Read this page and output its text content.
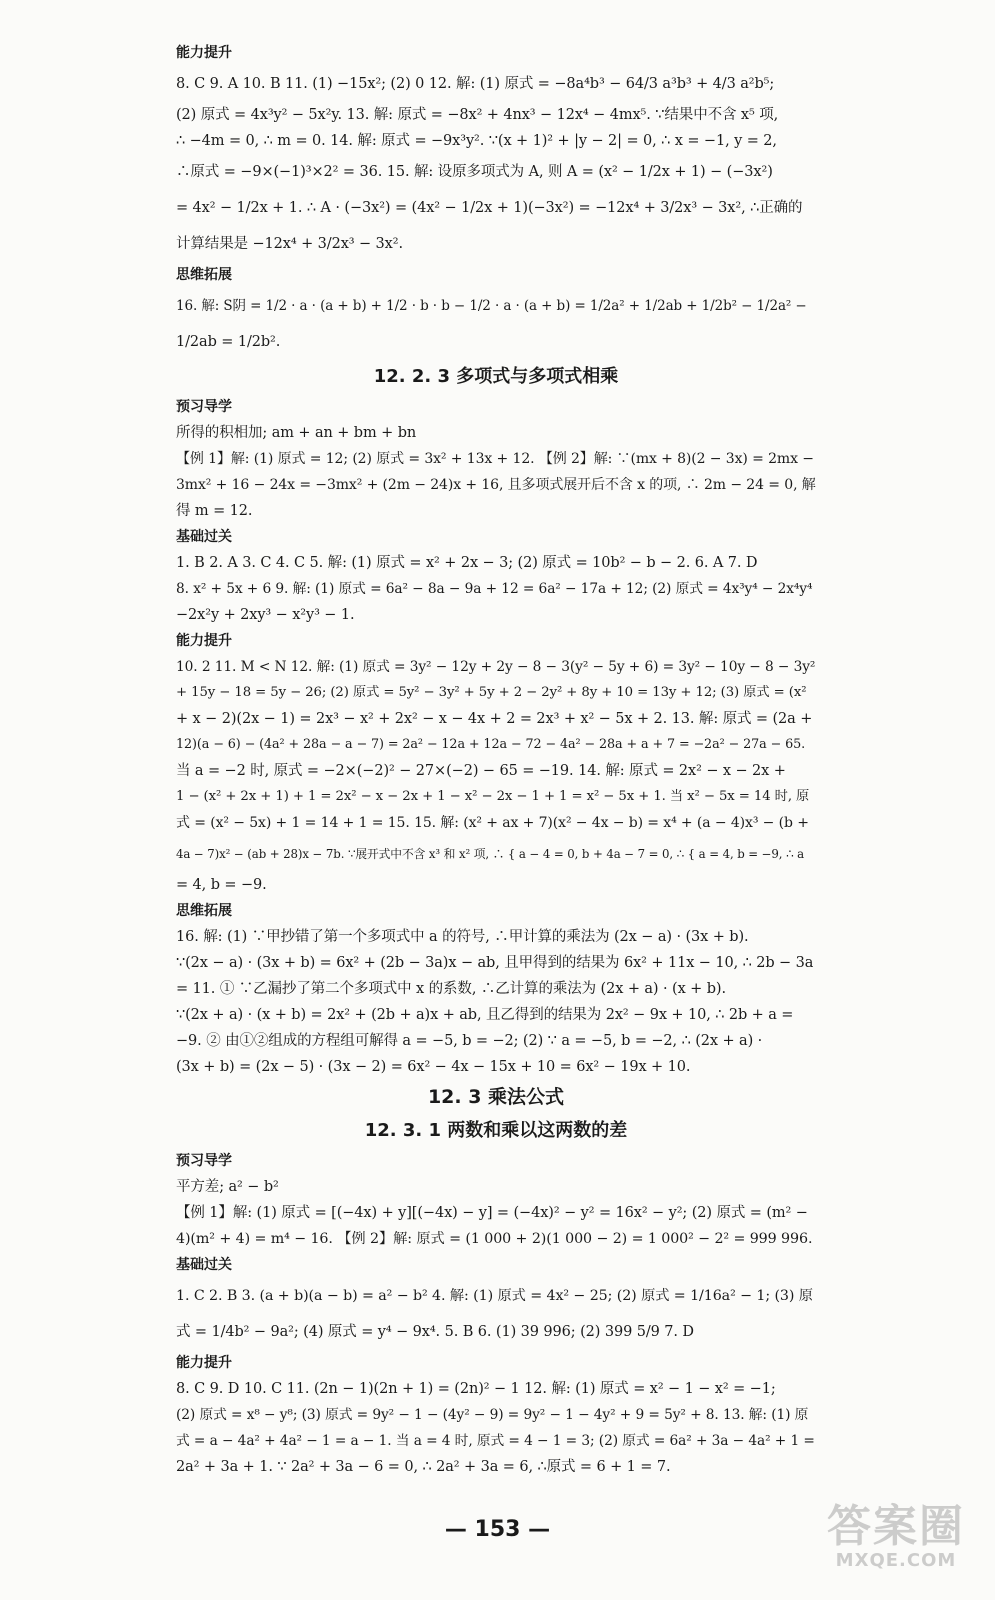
能力提升
8. C 9. A 10. B 11. (1) −15x²; (2) 0 12. 解: (1) 原式 = −8a⁴b³ − 64/3 a³b³ + 4/3 a²b⁵;
(2) 原式 = 4x³y² − 5x²y. 13. 解: 原式 = −8x² + 4nx³ − 12x⁴ − 4mx⁵. ∵结果中不含 x⁵ 项,
∴ −4m = 0, ∴ m = 0. 14. 解: 原式 = −9x³y². ∵(x + 1)² + |y − 2| = 0, ∴ x = −1, y = 2,
∴原式 = −9×(−1)³×2² = 36. 15. 解: 设原多项式为 A, 则 A = (x² − 1/2x + 1) − (−3x²)
= 4x² − 1/2x + 1. ∴ A · (−3x²) = (4x² − 1/2x + 1)(−3x²) = −12x⁴ + 3/2x³ − 3x², ∴正确的
计算结果是 −12x⁴ + 3/2x³ − 3x².
思维拓展
16. 解: S阴 = 1/2 · a · (a + b) + 1/2 · b · b − 1/2 · a · (a + b) = 1/2a² + 1/2ab + 1/2b² − 1/2a² −
1/2ab = 1/2b².
12. 2. 3 多项式与多项式相乘
预习导学
所得的积相加; am + an + bm + bn
【例 1】解: (1) 原式 = 12; (2) 原式 = 3x² + 13x + 12. 【例 2】解: ∵(mx + 8)(2 − 3x) = 2mx −
3mx² + 16 − 24x = −3mx² + (2m − 24)x + 16, 且多项式展开后不含 x 的项, ∴ 2m − 24 = 0, 解
得 m = 12.
基础过关
1. B 2. A 3. C 4. C 5. 解: (1) 原式 = x² + 2x − 3; (2) 原式 = 10b² − b − 2. 6. A 7. D
8. x² + 5x + 6 9. 解: (1) 原式 = 6a² − 8a − 9a + 12 = 6a² − 17a + 12; (2) 原式 = 4x³y⁴ − 2x⁴y⁴
−2x²y + 2xy³ − x²y³ − 1.
能力提升
10. 2 11. M < N 12. 解: (1) 原式 = 3y² − 12y + 2y − 8 − 3(y² − 5y + 6) = 3y² − 10y − 8 − 3y²
+ 15y − 18 = 5y − 26; (2) 原式 = 5y² − 3y² + 5y + 2 − 2y² + 8y + 10 = 13y + 12; (3) 原式 = (x²
+ x − 2)(2x − 1) = 2x³ − x² + 2x² − x − 4x + 2 = 2x³ + x² − 5x + 2. 13. 解: 原式 = (2a +
12)(a − 6) − (4a² + 28a − a − 7) = 2a² − 12a + 12a − 72 − 4a² − 28a + a + 7 = −2a² − 27a − 65.
当 a = −2 时, 原式 = −2×(−2)² − 27×(−2) − 65 = −19. 14. 解: 原式 = 2x² − x − 2x +
1 − (x² + 2x + 1) + 1 = 2x² − x − 2x + 1 − x² − 2x − 1 + 1 = x² − 5x + 1. 当 x² − 5x = 14 时, 原
式 = (x² − 5x) + 1 = 14 + 1 = 15. 15. 解: (x² + ax + 7)(x² − 4x − b) = x⁴ + (a − 4)x³ − (b +
4a − 7)x² − (ab + 28)x − 7b. ∵展开式中不含 x³ 和 x² 项, ∴ { a − 4 = 0, b + 4a − 7 = 0, ∴ { a = 4, b = −9, ∴ a
= 4, b = −9.
思维拓展
16. 解: (1) ∵甲抄错了第一个多项式中 a 的符号, ∴甲计算的乘法为 (2x − a) · (3x + b).
∵(2x − a) · (3x + b) = 6x² + (2b − 3a)x − ab, 且甲得到的结果为 6x² + 11x − 10, ∴ 2b − 3a
= 11. ① ∵乙漏抄了第二个多项式中 x 的系数, ∴乙计算的乘法为 (2x + a) · (x + b).
∵(2x + a) · (x + b) = 2x² + (2b + a)x + ab, 且乙得到的结果为 2x² − 9x + 10, ∴ 2b + a =
−9. ② 由①②组成的方程组可解得 a = −5, b = −2; (2) ∵ a = −5, b = −2, ∴ (2x + a) ·
(3x + b) = (2x − 5) · (3x − 2) = 6x² − 4x − 15x + 10 = 6x² − 19x + 10.
12. 3 乘法公式
12. 3. 1 两数和乘以这两数的差
预习导学
平方差; a² − b²
【例 1】解: (1) 原式 = [(−4x) + y][(−4x) − y] = (−4x)² − y² = 16x² − y²; (2) 原式 = (m² −
4)(m² + 4) = m⁴ − 16. 【例 2】解: 原式 = (1 000 + 2)(1 000 − 2) = 1 000² − 2² = 999 996.
基础过关
1. C 2. B 3. (a + b)(a − b) = a² − b² 4. 解: (1) 原式 = 4x² − 25; (2) 原式 = 1/16a² − 1; (3) 原
式 = 1/4b² − 9a²; (4) 原式 = y⁴ − 9x⁴. 5. B 6. (1) 39 996; (2) 399 5/9 7. D
能力提升
8. C 9. D 10. C 11. (2n − 1)(2n + 1) = (2n)² − 1 12. 解: (1) 原式 = x² − 1 − x² = −1;
(2) 原式 = x⁸ − y⁸; (3) 原式 = 9y² − 1 − (4y² − 9) = 9y² − 1 − 4y² + 9 = 5y² + 8. 13. 解: (1) 原
式 = a − 4a² + 4a² − 1 = a − 1. 当 a = 4 时, 原式 = 4 − 1 = 3; (2) 原式 = 6a² + 3a − 4a² + 1 =
2a² + 3a + 1. ∵ 2a² + 3a − 6 = 0, ∴ 2a² + 3a = 6, ∴原式 = 6 + 1 = 7.
— 153 —	答案圈
MXQE.COM
